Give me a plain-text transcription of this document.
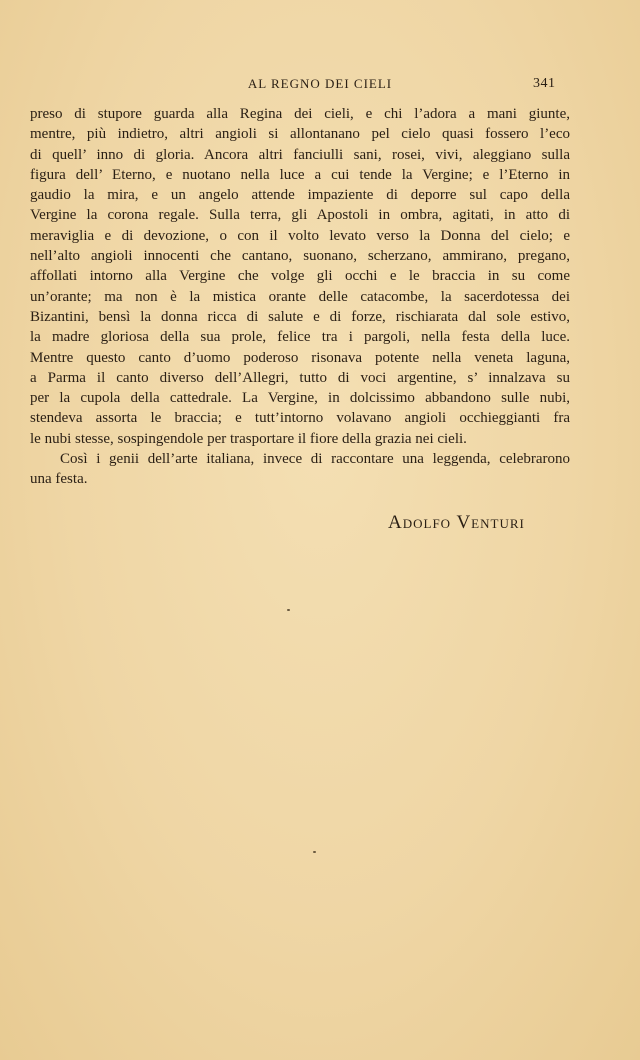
AL REGNO DEI CIELI	341
preso di stupore guarda alla Regina dei cieli, e chi l’adora a mani giunte,
mentre, più indietro, altri angioli si allontanano pel cielo quasi fossero l’eco
di quell’ inno di gloria. Ancora altri fanciulli sani, rosei, vivi, aleggiano sulla
figura dell’ Eterno, e nuotano nella luce a cui tende la Vergine; e l’Eterno in
gaudio la mira, e un angelo attende impaziente di deporre sul capo della
Vergine la corona regale. Sulla terra, gli Apostoli in ombra, agitati, in atto di
meraviglia e di devozione, o con il volto levato verso la Donna del cielo; e
nell’alto angioli innocenti che cantano, suonano, scherzano, ammirano, pregano,
affollati intorno alla Vergine che volge gli occhi e le braccia in su come
un’orante; ma non è la mistica orante delle catacombe, la sacerdotessa dei
Bizantini, bensì la donna ricca di salute e di forze, rischiarata dal sole estivo,
la madre gloriosa della sua prole, felice tra i pargoli, nella festa della luce.
Mentre questo canto d’uomo poderoso risonava potente nella veneta laguna,
a Parma il canto diverso dell’Allegri, tutto di voci argentine, s’ innalzava su
per la cupola della cattedrale. La Vergine, in dolcissimo abbandono sulle nubi,
stendeva assorta le braccia; e tutt’intorno volavano angioli occhieggianti fra
le nubi stesse, sospingendole per trasportare il fiore della grazia nei cieli.
Così i genii dell’arte italiana, invece di raccontare una leggenda, celebrarono
una festa.
Adolfo Venturi
